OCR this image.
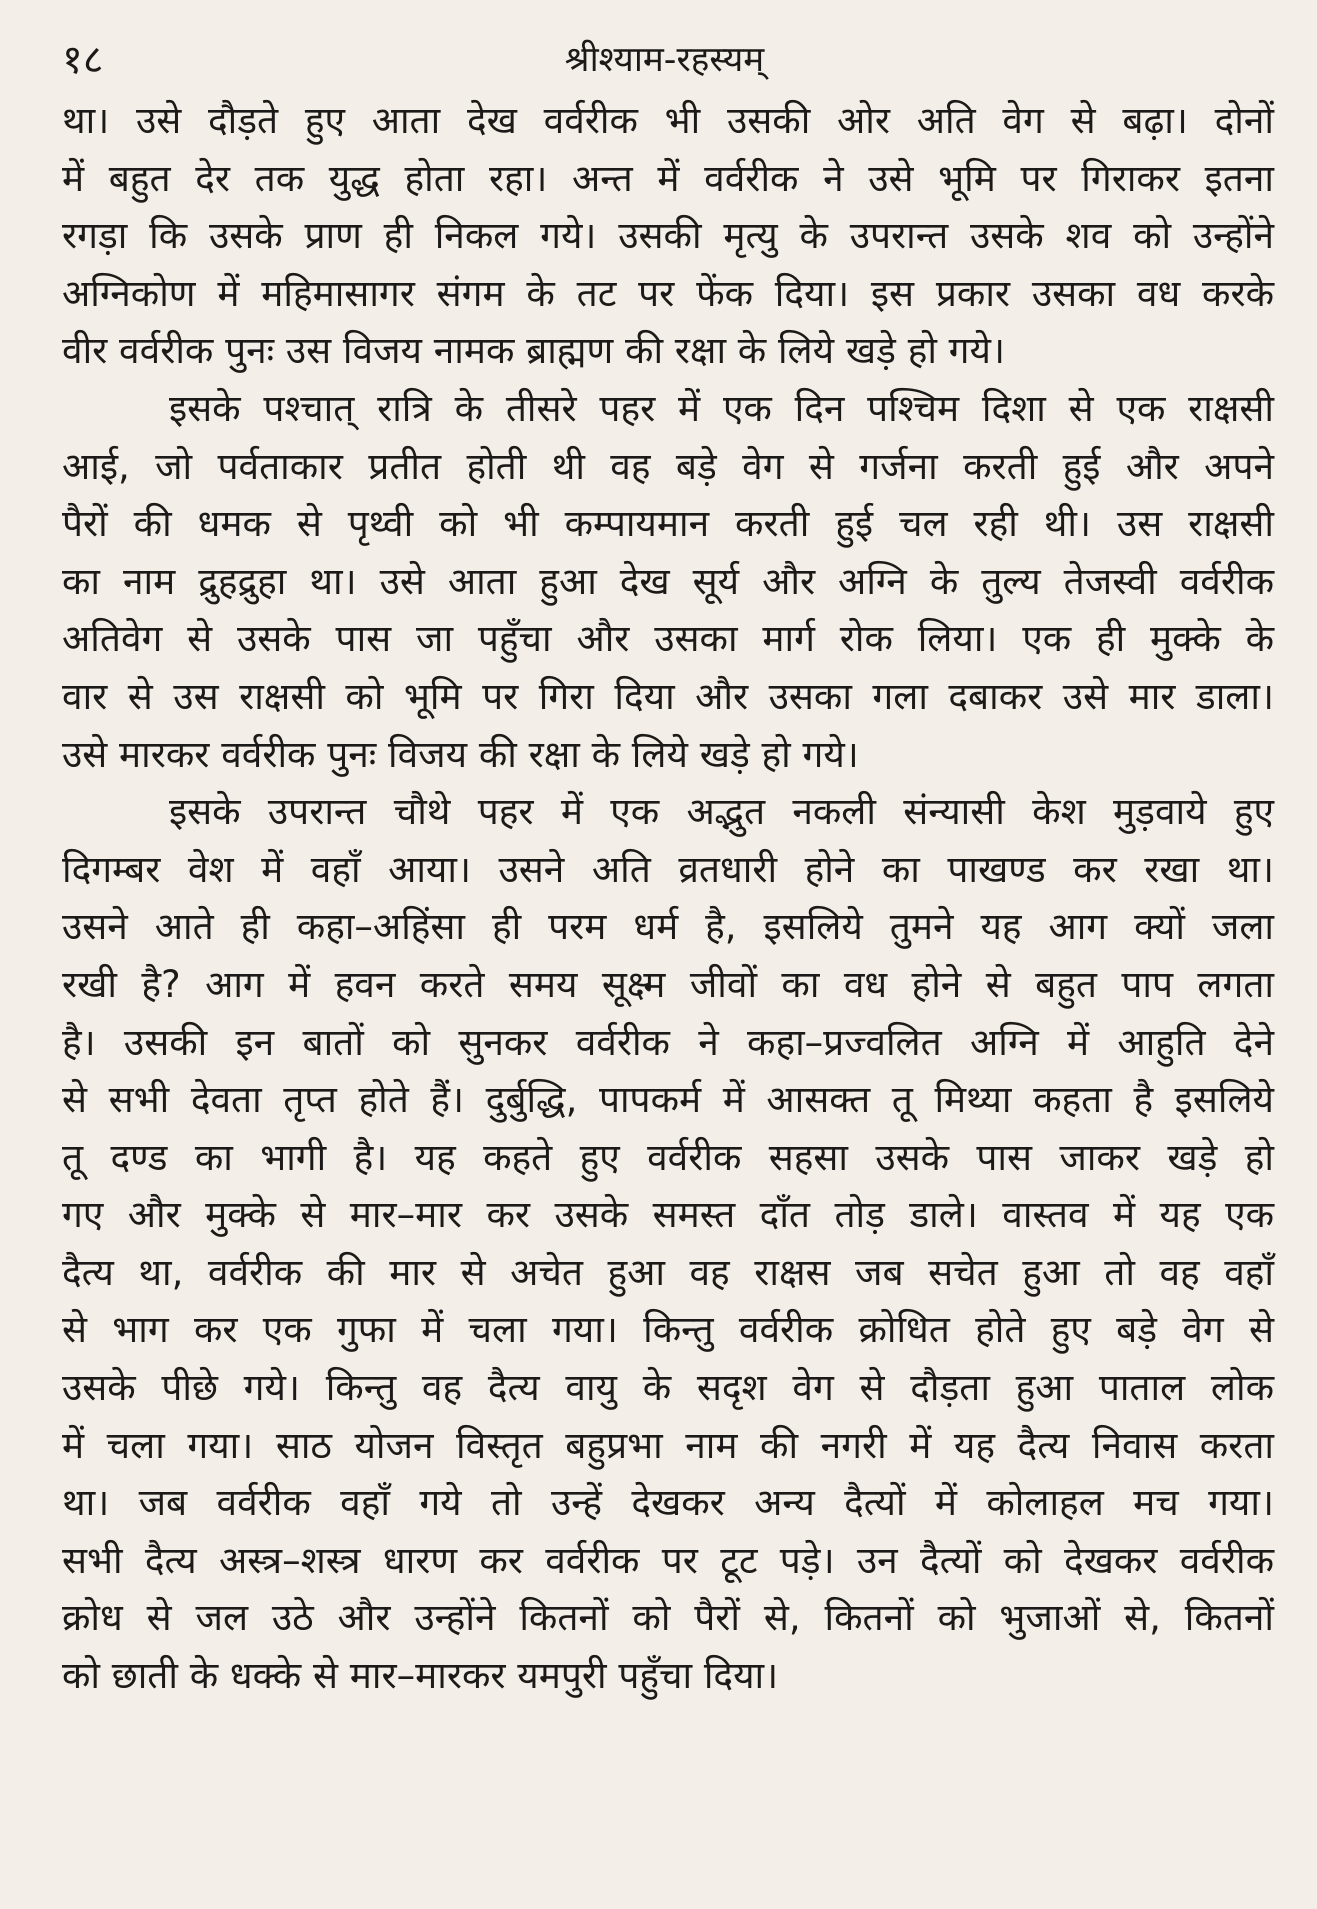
१८	श्रीश्याम-रहस्यम्
था। उसे दौड़ते हुए आता देख वर्वरीक भी उसकी ओर अति वेग से बढ़ा। दोनों
में बहुत देर तक युद्ध होता रहा। अन्त में वर्वरीक ने उसे भूमि पर गिराकर इतना
रगड़ा कि उसके प्राण ही निकल गये। उसकी मृत्यु के उपरान्त उसके शव को उन्होंने
अग्निकोण में महिमासागर संगम के तट पर फेंक दिया। इस प्रकार उसका वध करके
वीर वर्वरीक पुनः उस विजय नामक ब्राह्मण की रक्षा के लिये खड़े हो गये।
इसके पश्चात् रात्रि के तीसरे पहर में एक दिन पश्चिम दिशा से एक राक्षसी
आई, जो पर्वताकार प्रतीत होती थी वह बड़े वेग से गर्जना करती हुई और अपने
पैरों की धमक से पृथ्वी को भी कम्पायमान करती हुई चल रही थी। उस राक्षसी
का नाम द्रुहद्रुहा था। उसे आता हुआ देख सूर्य और अग्नि के तुल्य तेजस्वी वर्वरीक
अतिवेग से उसके पास जा पहुँचा और उसका मार्ग रोक लिया। एक ही मुक्के के
वार से उस राक्षसी को भूमि पर गिरा दिया और उसका गला दबाकर उसे मार डाला।
उसे मारकर वर्वरीक पुनः विजय की रक्षा के लिये खड़े हो गये।
इसके उपरान्त चौथे पहर में एक अद्भुत नकली संन्यासी केश मुड़वाये हुए
दिगम्बर वेश में वहाँ आया। उसने अति व्रतधारी होने का पाखण्ड कर रखा था।
उसने आते ही कहा–अहिंसा ही परम धर्म है, इसलिये तुमने यह आग क्यों जला
रखी है? आग में हवन करते समय सूक्ष्म जीवों का वध होने से बहुत पाप लगता
है। उसकी इन बातों को सुनकर वर्वरीक ने कहा–प्रज्वलित अग्नि में आहुति देने
से सभी देवता तृप्त होते हैं। दुर्बुद्धि, पापकर्म में आसक्त तू मिथ्या कहता है इसलिये
तू दण्ड का भागी है। यह कहते हुए वर्वरीक सहसा उसके पास जाकर खड़े हो
गए और मुक्के से मार–मार कर उसके समस्त दाँत तोड़ डाले। वास्तव में यह एक
दैत्य था, वर्वरीक की मार से अचेत हुआ वह राक्षस जब सचेत हुआ तो वह वहाँ
से भाग कर एक गुफा में चला गया। किन्तु वर्वरीक क्रोधित होते हुए बड़े वेग से
उसके पीछे गये। किन्तु वह दैत्य वायु के सदृश वेग से दौड़ता हुआ पाताल लोक
में चला गया। साठ योजन विस्तृत बहुप्रभा नाम की नगरी में यह दैत्य निवास करता
था। जब वर्वरीक वहाँ गये तो उन्हें देखकर अन्य दैत्यों में कोलाहल मच गया।
सभी दैत्य अस्त्र–शस्त्र धारण कर वर्वरीक पर टूट पड़े। उन दैत्यों को देखकर वर्वरीक
क्रोध से जल उठे और उन्होंने कितनों को पैरों से, कितनों को भुजाओं से, कितनों
को छाती के धक्के से मार–मारकर यमपुरी पहुँचा दिया।
